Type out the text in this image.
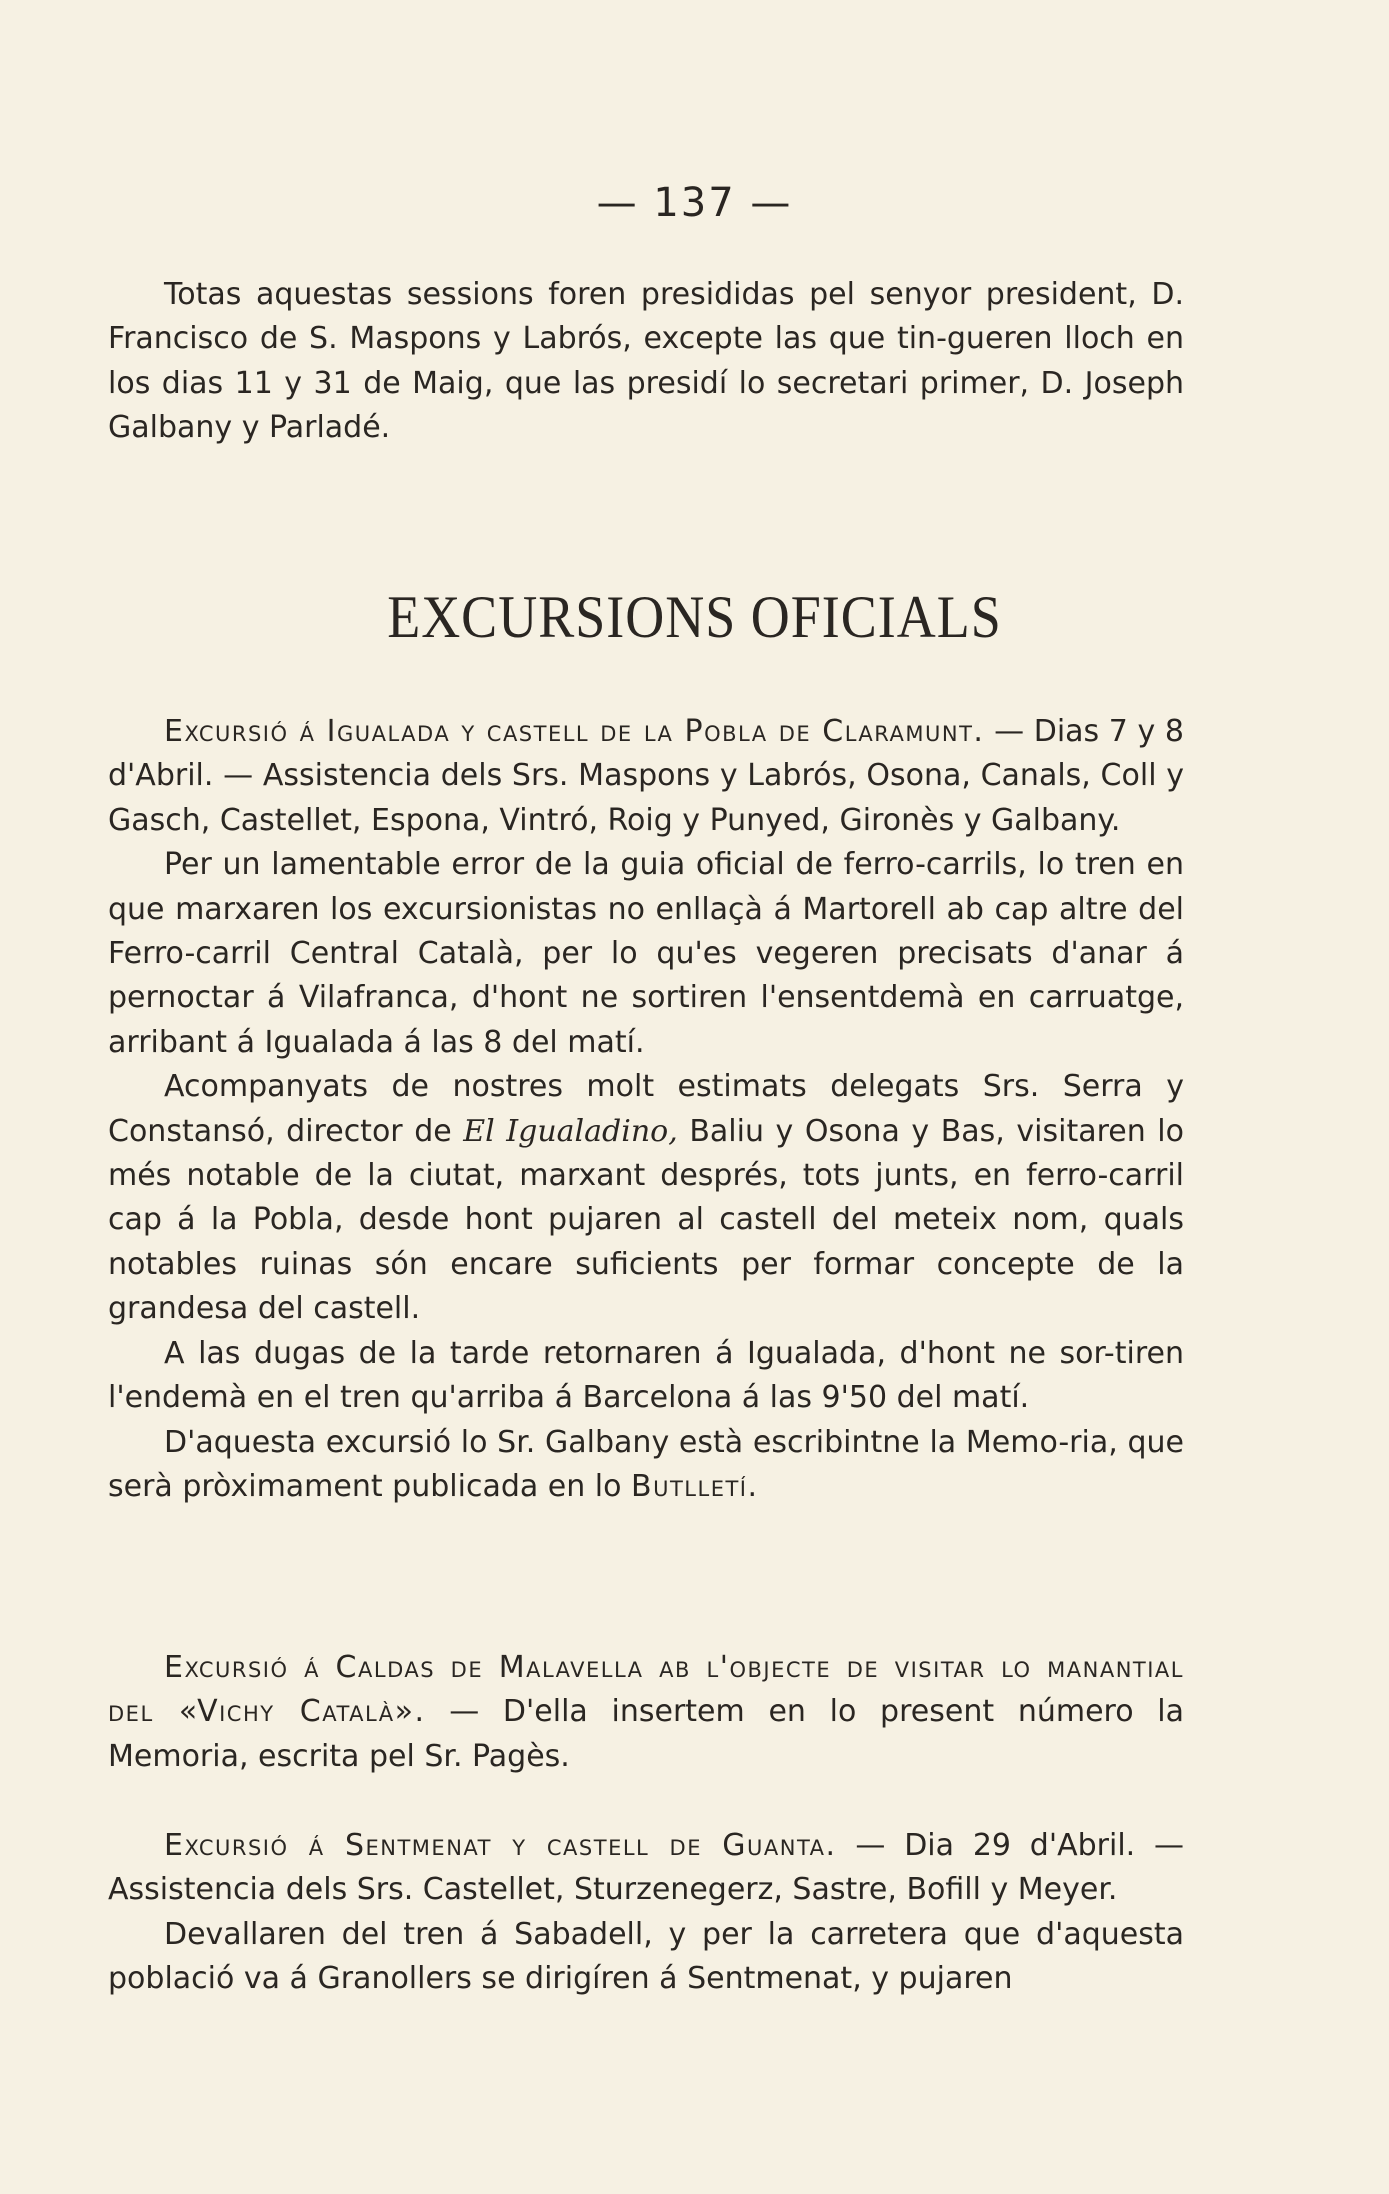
— 137 —

Totas aquestas sessions foren presididas pel senyor president, D. Francisco de S. Maspons y Labrós, excepte las que tin-gueren lloch en los dias 11 y 31 de Maig, que las presidí lo secretari primer, D. Joseph Galbany y Parladé.

EXCURSIONS OFICIALS

Excursió á Igualada y castell de la Pobla de Claramunt. — Dias 7 y 8 d'Abril. — Assistencia dels Srs. Maspons y Labrós, Osona, Canals, Coll y Gasch, Castellet, Espona, Vintró, Roig y Punyed, Gironès y Galbany.

Per un lamentable error de la guia oficial de ferro-carrils, lo tren en que marxaren los excursionistas no enllaçà á Martorell ab cap altre del Ferro-carril Central Català, per lo qu'es vegeren precisats d'anar á pernoctar á Vilafranca, d'hont ne sortiren l'ensentdemà en carruatge, arribant á Igualada á las 8 del matí.

Acompanyats de nostres molt estimats delegats Srs. Serra y Constansó, director de El Igualadino, Baliu y Osona y Bas, visitaren lo més notable de la ciutat, marxant després, tots junts, en ferro-carril cap á la Pobla, desde hont pujaren al castell del meteix nom, quals notables ruinas són encare suficients per formar concepte de la grandesa del castell.

A las dugas de la tarde retornaren á Igualada, d'hont ne sor-tiren l'endemà en el tren qu'arriba á Barcelona á las 9'50 del matí.

D'aquesta excursió lo Sr. Galbany està escribintne la Memo-ria, que serà pròximament publicada en lo Butlletí.

Excursió á Caldas de Malavella ab l'objecte de visitar lo manantial del «Vichy Català». — D'ella insertem en lo present número la Memoria, escrita pel Sr. Pagès.

Excursió á Sentmenat y castell de Guanta. — Dia 29 d'Abril. — Assistencia dels Srs. Castellet, Sturzenegerz, Sastre, Bofill y Meyer.

Devallaren del tren á Sabadell, y per la carretera que d'aquesta població va á Granollers se dirigíren á Sentmenat, y pujaren
